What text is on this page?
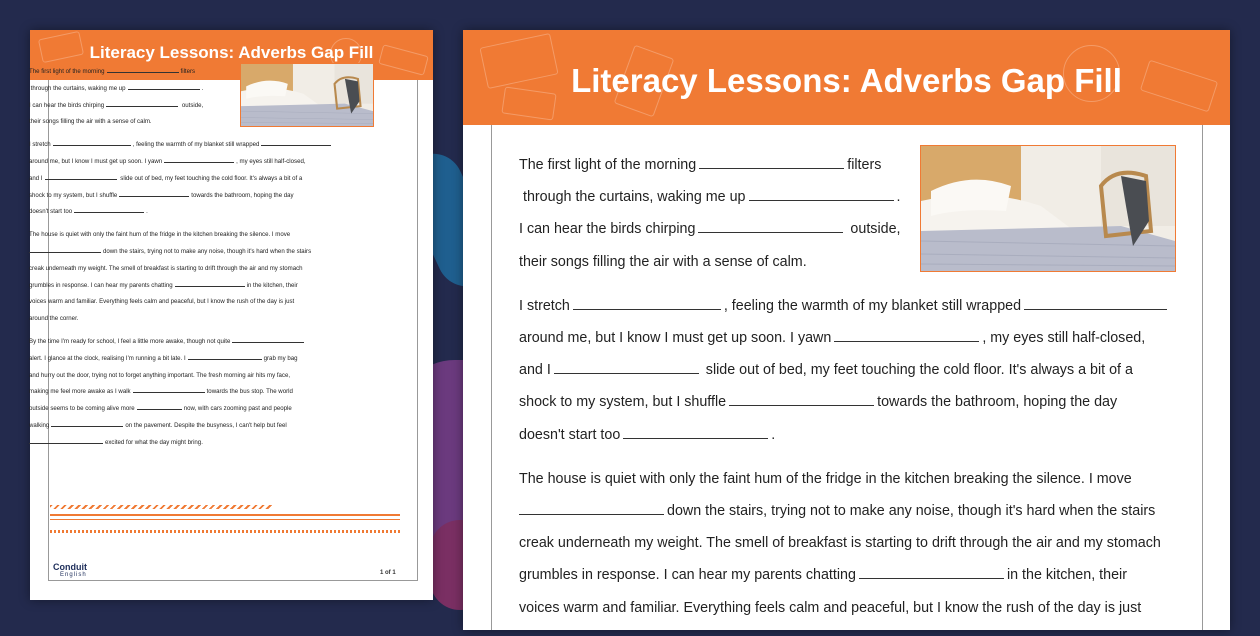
Literacy Lessons: Adverbs Gap Fill

The first light of the morning	filters
through the curtains, waking me up	.
I can hear the birds chirping	outside,
their songs filling the air with a sense of calm.

I stretch	, feeling the warmth of my blanket still wrapped
around me, but I know I must get up soon. I yawn	, my eyes still half-closed,
and I	slide out of bed, my feet touching the cold floor. It's always a bit of a
shock to my system, but I shuffle	towards the bathroom, hoping the day
doesn't start too	.

The house is quiet with only the faint hum of the fridge in the kitchen breaking the silence. I move
down the stairs, trying not to make any noise, though it's hard when the stairs
creak underneath my weight. The smell of breakfast is starting to drift through the air and my stomach
grumbles in response. I can hear my parents chatting	in the kitchen, their
voices warm and familiar. Everything feels calm and peaceful, but I know the rush of the day is just
around the corner.

By the time I'm ready for school, I feel a little more awake, though not quite
alert. I glance at the clock, realising I'm running a bit late. I	grab my bag
and hurry out the door, trying not to forget anything important. The fresh morning air hits my face,
making me feel more awake as I walk	towards the bus stop. The world
outside seems to be coming alive more	now, with cars zooming past and people
walking	on the pavement. Despite the busyness, I can't help but feel
excited for what the day might bring.

Conduit
English	1 of 1
Literacy Lessons: Adverbs Gap Fill

The first light of the morning	filters
through the curtains, waking me up	.
I can hear the birds chirping	outside,
their songs filling the air with a sense of calm.

I stretch	, feeling the warmth of my blanket still wrapped
around me, but I know I must get up soon. I yawn	, my eyes still half-closed,
and I	slide out of bed, my feet touching the cold floor. It's always a bit of a
shock to my system, but I shuffle	towards the bathroom, hoping the day
doesn't start too	.

The house is quiet with only the faint hum of the fridge in the kitchen breaking the silence. I move
down the stairs, trying not to make any noise, though it's hard when the stairs
creak underneath my weight. The smell of breakfast is starting to drift through the air and my stomach
grumbles in response. I can hear my parents chatting	in the kitchen, their
voices warm and familiar. Everything feels calm and peaceful, but I know the rush of the day is just
